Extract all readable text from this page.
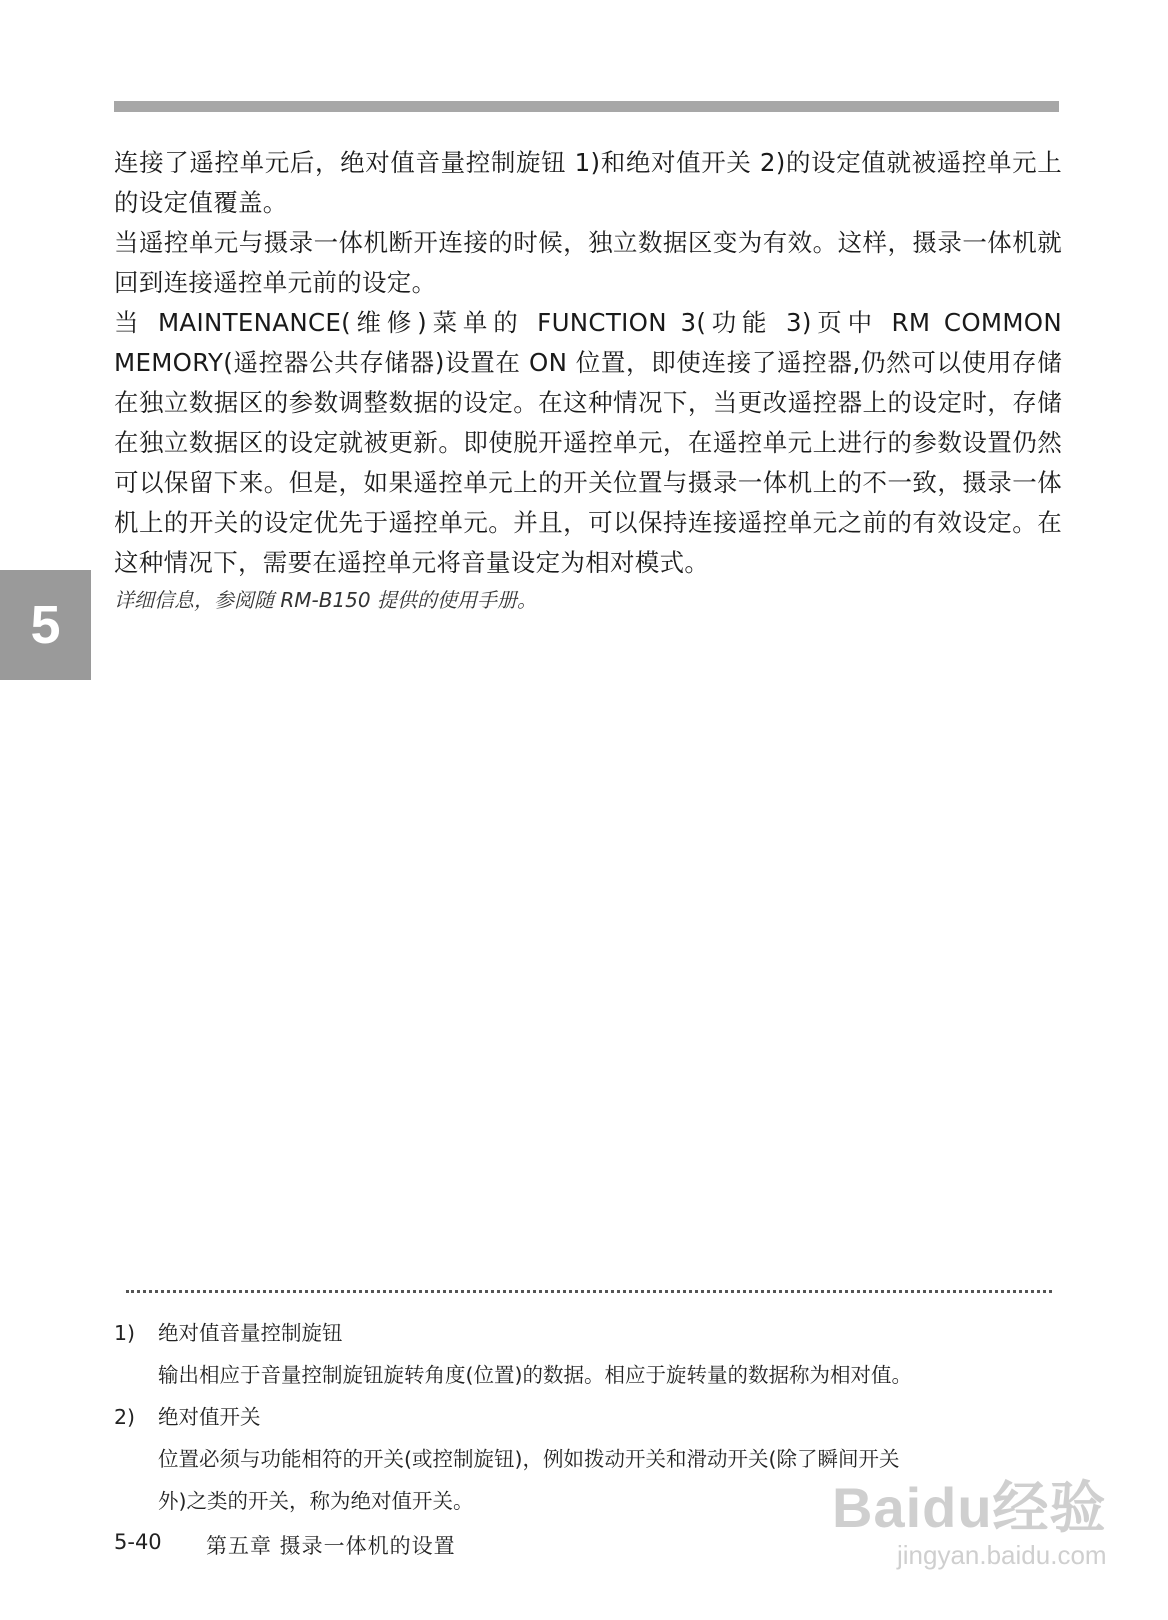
5

连接了遥控单元后，绝对值音量控制旋钮 1)和绝对值开关 2)的设定值就被遥控单元上的设定值覆盖。

当遥控单元与摄录一体机断开连接的时候，独立数据区变为有效。这样，摄录一体机就回到连接遥控单元前的设定。

当 MAINTENANCE(维修)菜单的 FUNCTION 3(功能 3)页中 RM COMMON MEMORY(遥控器公共存储器)设置在 ON 位置，即使连接了遥控器,仍然可以使用存储在独立数据区的参数调整数据的设定。在这种情况下，当更改遥控器上的设定时，存储在独立数据区的设定就被更新。即使脱开遥控单元，在遥控单元上进行的参数设置仍然可以保留下来。但是，如果遥控单元上的开关位置与摄录一体机上的不一致，摄录一体机上的开关的设定优先于遥控单元。并且，可以保持连接遥控单元之前的有效设定。在这种情况下，需要在遥控单元将音量设定为相对模式。

详细信息，参阅随 RM-B150 提供的使用手册。

1)	绝对值音量控制旋钮
输出相应于音量控制旋钮旋转角度(位置)的数据。相应于旋转量的数据称为相对值。
2)	绝对值开关
位置必须与功能相符的开关(或控制旋钮)，例如拨动开关和滑动开关(除了瞬间开关
外)之类的开关，称为绝对值开关。
5-40	第五章 摄录一体机的设置
Baidu经验
jingyan.baidu.com
